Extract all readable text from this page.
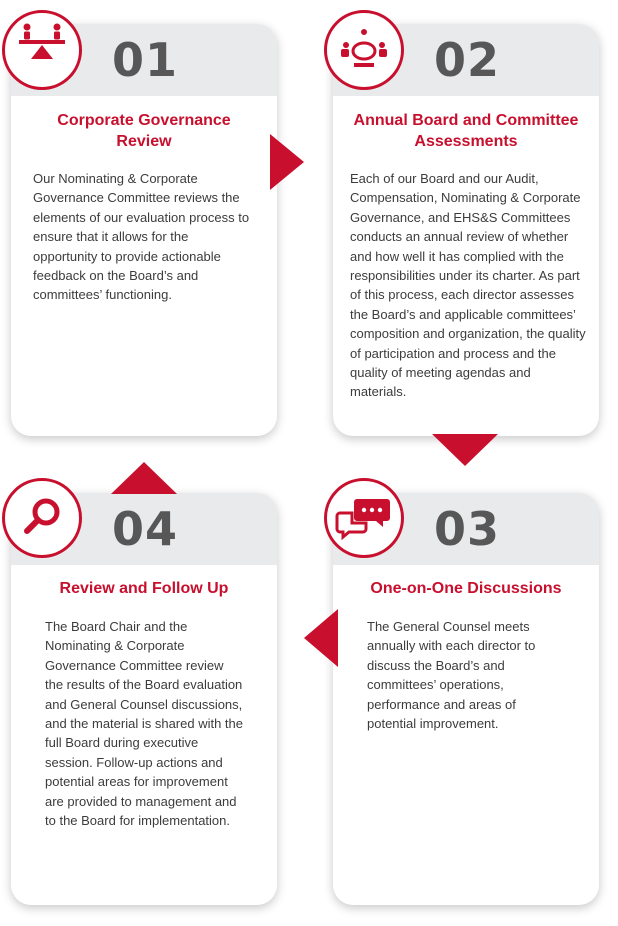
01
Corporate Governance Review

Our Nominating & Corporate Governance Committee reviews the elements of our evaluation process to ensure that it allows for the opportunity to provide actionable feedback on the Board’s and committees’ functioning.

02
Annual Board and Committee Assessments

Each of our Board and our Audit, Compensation, Nominating & Corporate Governance, and EHS&S Committees conducts an annual review of whether and how well it has complied with the responsibilities under its charter. As part of this process, each director assesses the Board’s and applicable committees’ composition and organization, the quality of participation and process and the quality of meeting agendas and materials.

03
One-on-One Discussions

The General Counsel meets annually with each director to discuss the Board’s and committees’ operations, performance and areas of potential improvement.

04
Review and Follow Up

The Board Chair and the Nominating & Corporate Governance Committee review the results of the Board evaluation and General Counsel discussions, and the material is shared with the full Board during executive session. Follow-up actions and potential areas for improvement are provided to management and to the Board for implementation.
